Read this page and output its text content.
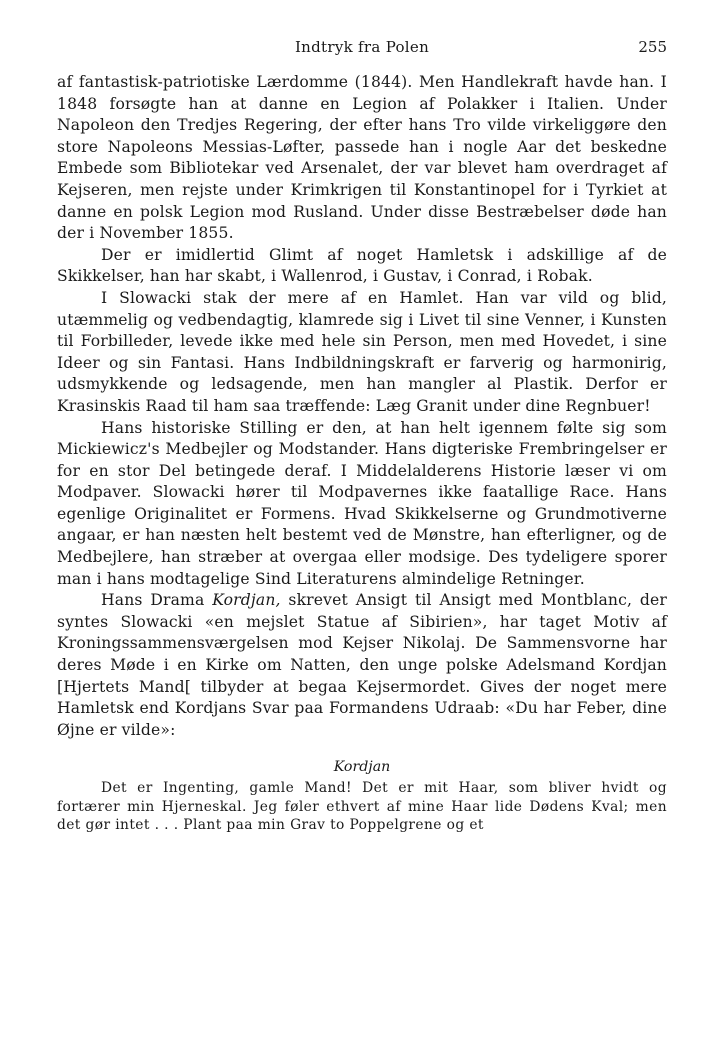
Indtryk fra Polen	255

af fantastisk-patriotiske Lærdomme (1844). Men Handlekraft havde han. I 1848 forsøgte han at danne en Legion af Polakker i Italien. Under Napoleon den Tredjes Regering, der efter hans Tro vilde virkeliggøre den store Napoleons Messias-Løfter, passede han i nogle Aar det beskedne Embede som Bibliotekar ved Arsenalet, der var blevet ham overdraget af Kejseren, men rejste under Krimkrigen til Konstantinopel for i Tyrkiet at danne en polsk Legion mod Rusland. Under disse Bestræbelser døde han der i November 1855.

Der er imidlertid Glimt af noget Hamletsk i adskillige af de Skikkelser, han har skabt, i Wallenrod, i Gustav, i Conrad, i Robak.

I Slowacki stak der mere af en Hamlet. Han var vild og blid, utæmmelig og vedbendagtig, klamrede sig i Livet til sine Venner, i Kunsten til Forbilleder, levede ikke med hele sin Person, men med Hovedet, i sine Ideer og sin Fantasi. Hans Indbildningskraft er farverig og harmonirig, udsmykkende og ledsagende, men han mangler al Plastik. Derfor er Krasinskis Raad til ham saa træffende: Læg Granit under dine Regnbuer!

Hans historiske Stilling er den, at han helt igennem følte sig som Mickiewicz's Medbejler og Modstander. Hans digteriske Frembringelser er for en stor Del betingede deraf. I Middelalderens Historie læser vi om Modpaver. Slowacki hører til Modpavernes ikke faatallige Race. Hans egenlige Originalitet er Formens. Hvad Skikkelserne og Grundmotiverne angaar, er han næsten helt bestemt ved de Mønstre, han efterligner, og de Medbejlere, han stræber at overgaa eller modsige. Des tydeligere sporer man i hans modtagelige Sind Literaturens almindelige Retninger.

Hans Drama Kordjan, skrevet Ansigt til Ansigt med Montblanc, der syntes Slowacki «en mejslet Statue af Sibirien», har taget Motiv af Kroningssammensværgelsen mod Kejser Nikolaj. De Sammensvorne har deres Møde i en Kirke om Natten, den unge polske Adelsmand Kordjan [Hjertets Mand[ tilbyder at begaa Kejsermordet. Gives der noget mere Hamletsk end Kordjans Svar paa Formandens Udraab: «Du har Feber, dine Øjne er vilde»:

Kordjan

Det er Ingenting, gamle Mand! Det er mit Haar, som bliver hvidt og fortærer min Hjerneskal. Jeg føler ethvert af mine Haar lide Dødens Kval; men det gør intet . . . Plant paa min Grav to Poppelgrene og et
